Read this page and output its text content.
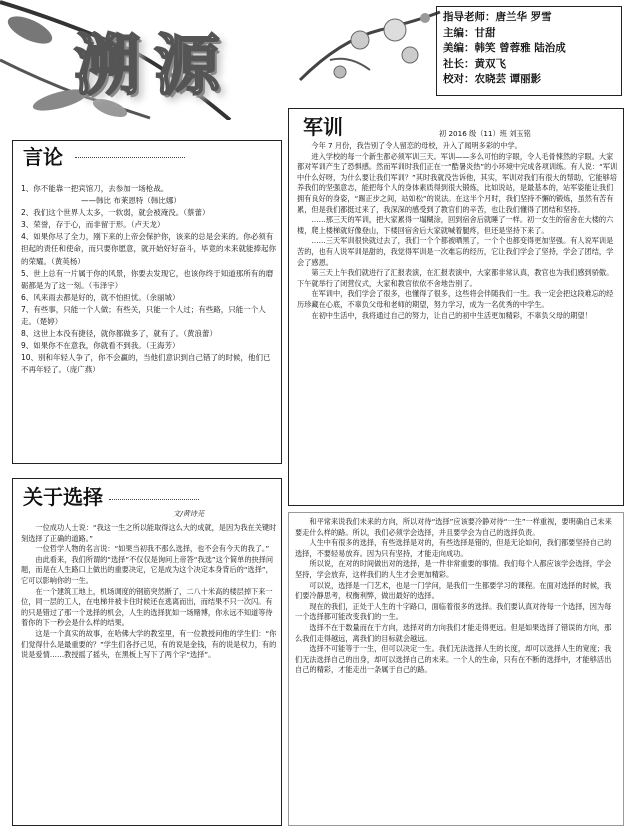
溯源
指导老师：唐兰华 罗雪
主编：甘甜
美编：韩笑 曾蓉雅 陆治成
社长：黄双飞
校对：农晓芸 谭丽影
言论
1、你不能靠一把宾馆刀，去参加一场枪战。
——韩比 布莱恩特（韩比娜）
2、我们这个世界人太多，一软弱，就会被淹没。（蔡蕾）
3、荣誉，存于心，而非留于形。（卢天龙）
4、如果你尽了全力，刚下来的上帝会保护你，该来的总是会来的。你必须有担起的责任和使命，而只要你愿意，就开始好好奋斗，毕竟的未来就能捧起你的荣耀。（黄英杨）
5、世上总有一片属于你的风景，你要去发现它，也该你终于知道那所有的磨砺都是为了这一刻。（韦泽宇）
6、风来雨去都是好的，就不怕担忧。（余丽城）
7、有些事，只能一个人做；有些关，只能一个人过；有些路，只能一个人走。（楚婷）
8、这世上本没有捷径，就你都做多了，就有了。（黄浪蕾）
9、如果你不在意我，你就看不到我。（王海芳）
10、别和年轻人争了，你不会赢的，当他们意识到自己错了的时候，他们已不再年轻了。（庞广燕）
军训	初 2016 级（11）班 刘玉铭

今年 7 月份，我告别了令人留恋的母校，升入了闻明多彩的中学。

进入学校的每一个新生都必须军训三天。军训——多么可怕的字眼，令人毛骨悚然的字眼。大家都对军训产生了恐惧感。然而军训时我们正在一“酷暑炎热”的小环境中完成各项训练。有人说：“军训中什么好呀，为什么要让我们军训？”其时我就没告诉他，其实，军训对我们有很大的帮助，它能够培养我们的坚强意志，能把每个人的身体素质得到很大锻炼，比如说站，是最基本的，站军姿能让我们拥有良好的身姿，“踢正步之间，站如松”的说法。在这半个月时，我们坚持不懈的锻炼，虽然有苦有累，但是我们都挺过来了，我深深的感受到了教官们的辛苦，也让我们懂得了团结和坚持。

……那三天的军训，把大家累得一塌糊涂，回到宿舍后就睡了一样。初一女生的宿舍在大楼的六楼，爬上楼梯就好像登山，下楼回宿舍后大家就喊着腿疼，但还是坚持下来了。

……三天军训很快就过去了，我们一个个都被晒黑了，一个个也都变得更加坚强。有人说军训是苦的，也有人说军训是甜的，我觉得军训是一次难忘的经历，它让我们学会了坚持，学会了团结，学会了感恩。

第三天上午我们就进行了汇报表演，在汇报表演中，大家都非常认真，教官也为我们感到骄傲。下午就举行了闭营仪式，大家和教官依依不舍地告别了。

在军训中，我们学会了很多，也懂得了很多，这些将会伴随我们一生。我一定会把这段难忘的经历珍藏在心底，不辜负父母和老师的期望，努力学习，成为一名优秀的中学生。

在初中生活中，我将通过自己的努力，让自己的初中生活更加精彩，不辜负父母的期望！

关于选择
文/黄诗芫

一位成功人士说：“我这一生之所以能取得这么大的成就，是因为我在关键时刻选择了正确的道路。”

一位哲学人物的名言说：“如果当初我不那么选择，也不会有今天的我了。”

由此看来，我们所谓的“选择”不仅仅是询问上帝答“我选”这个简单的抉择问题，而是在人生路口上做出的重要决定，它是成为这个决定本身背后的“选择”，它可以影响你的一生。

在一个建筑工地上，机场调度的钢筋突然断了，二八十米高的楼层掉下来一位，同一层的工人，在电梯井被卡住时候还在逃离而出，而结果不只一次闪。有的只是错过了那一个选择的机会，人生的选择犹如一场赌博，你永远不知道等待着你的下一秒会是什么样的结果。

这是一个真实的故事，在哈佛大学的教室里，有一位教授问他的学生们：“你们觉得什么是最重要的？”学生们各抒己见，有的说是金钱，有的说是权力，有的说是爱情……教授摇了摇头，在黑板上写下了两个字“选择”。

和平常来说我们未来的方向，所以对待“选择”应该要冷静对待“一生”一样重视，要明确自己未来要走什么样的路。所以，我们必须学会选择，并且要学会为自己的选择负责。

人生中有很多的选择，有些选择是对的，有些选择是错的，但是无论如何，我们都要坚持自己的选择，不要轻易放弃。因为只有坚持，才能走向成功。

所以说，在对的时间做出对的选择，是一件非常重要的事情。我们每个人都应该学会选择，学会坚持，学会放弃，这样我们的人生才会更加精彩。

可以说，选择是一门艺术，也是一门学问，是我们一生都要学习的课程。在面对选择的时候，我们要冷静思考，权衡利弊，做出最好的选择。

现在的我们，正处于人生的十字路口，面临着很多的选择。我们要认真对待每一个选择，因为每一个选择都可能改变我们的一生。

选择不在于数量而在于方向，选择对的方向我们才能走得更远。但是如果选择了错误的方向，那么我们走得越远，离我们的目标就会越远。

选择不可能等于一生，但可以决定一生。我们无法选择人生的长度，却可以选择人生的宽度；我们无法选择自己的出身，却可以选择自己的未来。一个人的生命，只有在不断的选择中，才能够活出自己的精彩，才能走出一条属于自己的路。
